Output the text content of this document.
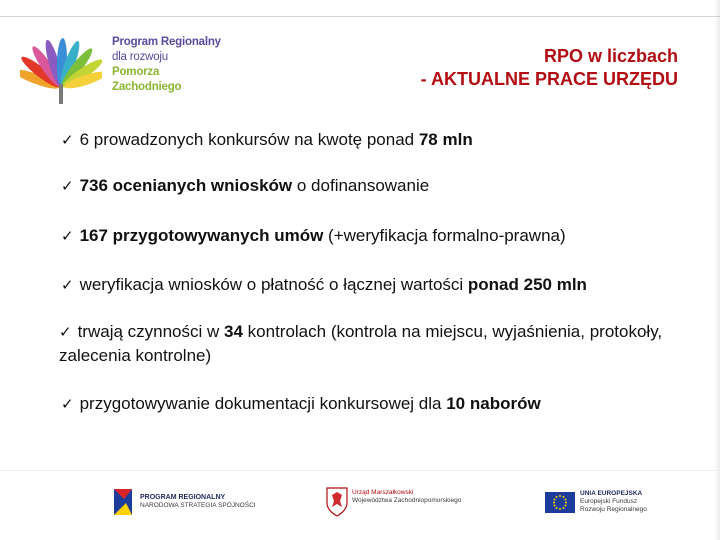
Program Regionalny
dla rozwoju
Pomorza Zachodniego
RPO w liczbach
- AKTUALNE PRACE URZĘDU
✓ 6 prowadzonych konkursów na kwotę ponad 78 mln
✓ 736 ocenianych wniosków o dofinansowanie
✓ 167 przygotowywanych umów (+weryfikacja formalno-prawna)
✓ weryfikacja wniosków o płatność o łącznej wartości ponad 250 mln
✓ trwają czynności w 34 kontrolach (kontrola na miejscu, wyjaśnienia, protokoły, zalecenia kontrolne)
✓ przygotowywanie dokumentacji konkursowej dla 10 naborów
PROGRAM REGIONALNY
NARODOWA STRATEGIA SPÓJNOŚCI
Urząd Marszałkowski
Województwa Zachodniopomorskiego
UNIA EUROPEJSKA
Europejski Fundusz
Rozwoju Regionalnego
